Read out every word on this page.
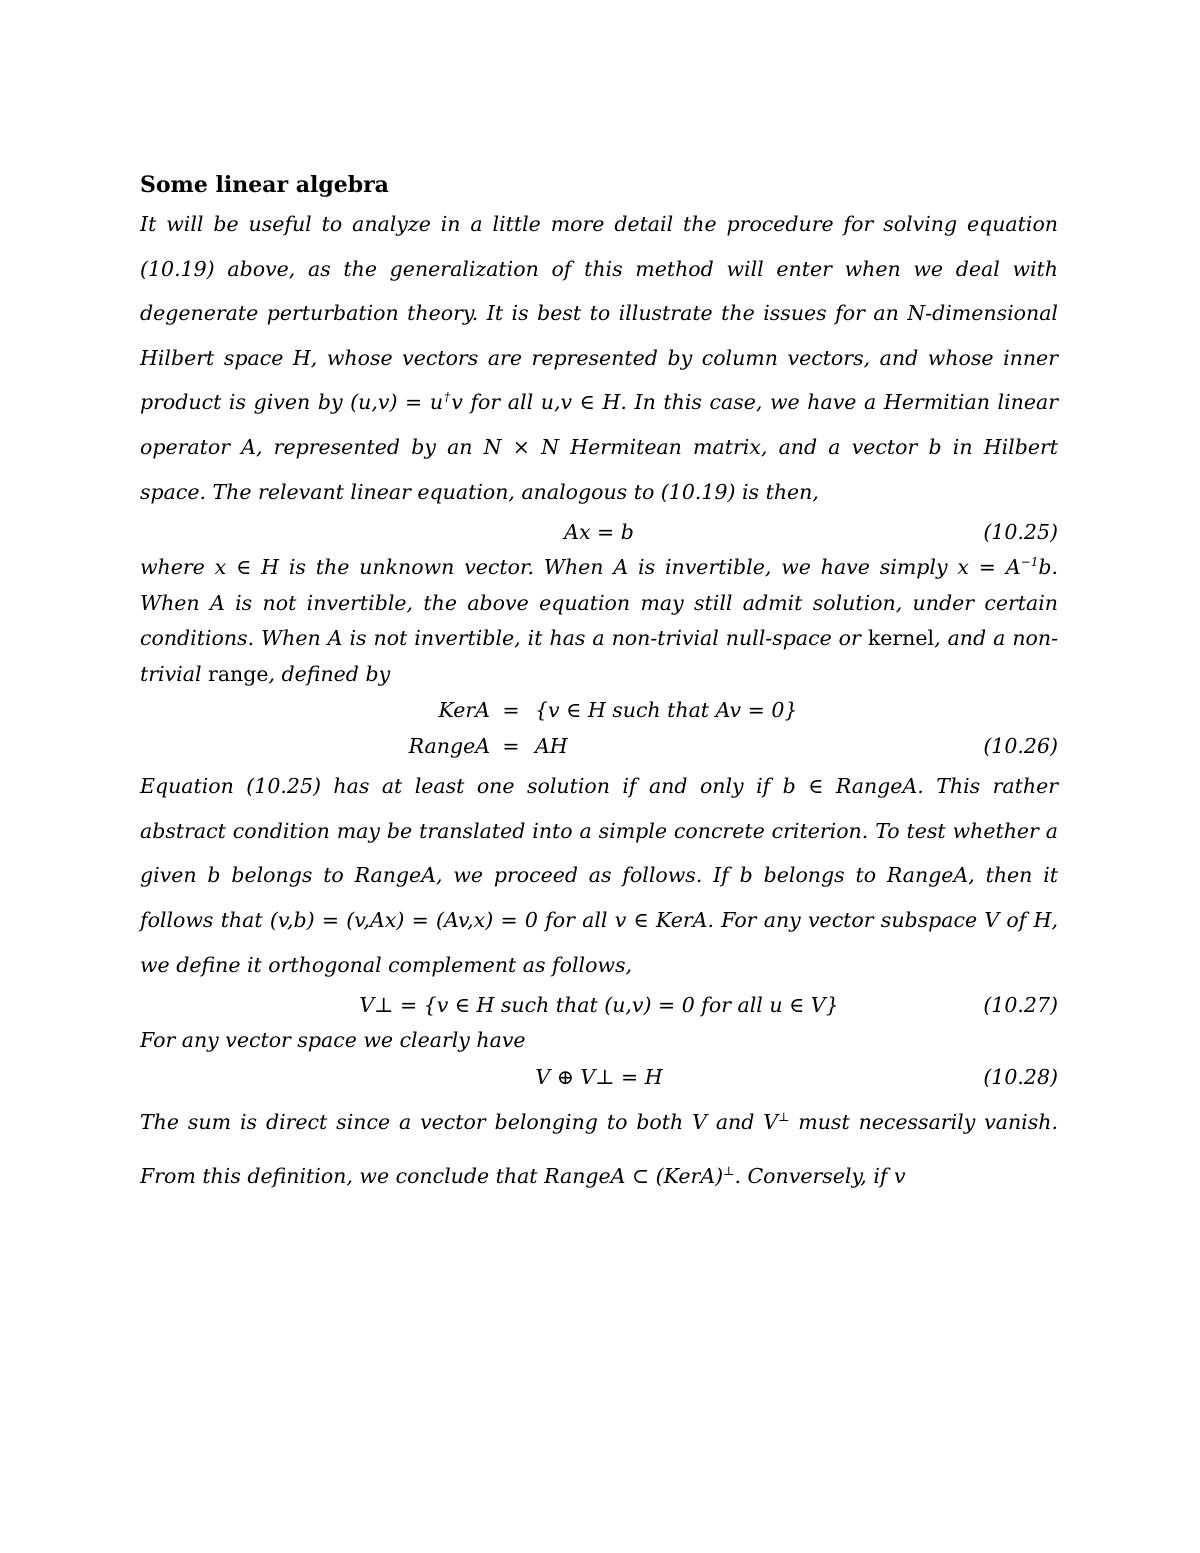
Some linear algebra

It will be useful to analyze in a little more detail the procedure for solving equation (10.19) above, as the generalization of this method will enter when we deal with degenerate perturbation theory. It is best to illustrate the issues for an N-dimensional Hilbert space H, whose vectors are represented by column vectors, and whose inner product is given by (u,v) = u†v for all u,v ∈ H. In this case, we have a Hermitian linear operator A, represented by an N × N Hermitean matrix, and a vector b in Hilbert space. The relevant linear equation, analogous to (10.19) is then,

Ax = b	(10.25)

where x ∈ H is the unknown vector. When A is invertible, we have simply $x = A^{-1}b$. When A is not invertible, the above equation may still admit solution, under certain conditions. When A is not invertible, it has a non-trivial null-space or kernel, and a non-trivial range, defined by

KerA = {v ∈ H such that Av = 0}
RangeA = AH	(10.26)

Equation (10.25) has at least one solution if and only if b ∈ RangeA. This rather abstract condition may be translated into a simple concrete criterion. To test whether a given b belongs to RangeA, we proceed as follows. If b belongs to RangeA, then it follows that (v,b) = (v,Ax) = (Av,x) = 0 for all v ∈ KerA. For any vector subspace V of H, we define it orthogonal complement as follows,

V⊥ = {v ∈ H such that (u,v) = 0 for all u ∈ V}	(10.27)

For any vector space we clearly have

V ⊕ V⊥ = H	(10.28)

The sum is direct since a vector belonging to both V and V⊥ must necessarily vanish. From this definition, we conclude that RangeA ⊂ (KerA)⊥. Conversely, if v
